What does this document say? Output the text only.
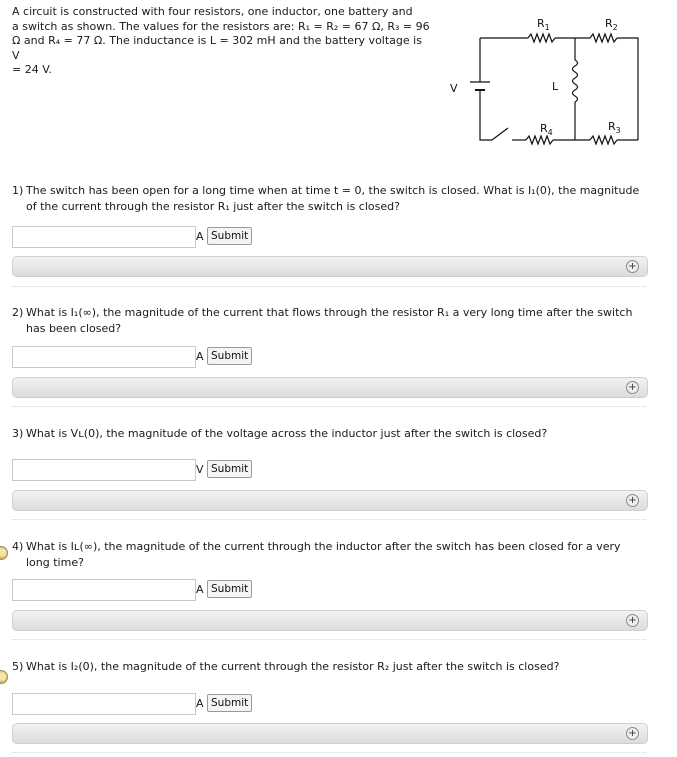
A circuit is constructed with four resistors, one inductor, one battery and
a switch as shown. The values for the resistors are: R₁ = R₂ = 67 Ω, R₃ = 96
Ω and R₄ = 77 Ω. The inductance is L = 302 mH and the battery voltage is V
= 24 V.
V	L
$R_1$	$R_2$
$R_3$
$R_4$
1) The switch has been open for a long time when at time t = 0, the switch is closed. What is I₁(0), the magnitude
of the current through the resistor R₁ just after the switch is closed?
A Submit
+
2) What is I₁(∞), the magnitude of the current that flows through the resistor R₁ a very long time after the switch
has been closed?
A Submit
+
3) What is Vʟ(0), the magnitude of the voltage across the inductor just after the switch is closed?
V Submit
+
4) What is Iʟ(∞), the magnitude of the current through the inductor after the switch has been closed for a very
long time?
A Submit
+
5) What is I₂(0), the magnitude of the current through the resistor R₂ just after the switch is closed?
A Submit
+
